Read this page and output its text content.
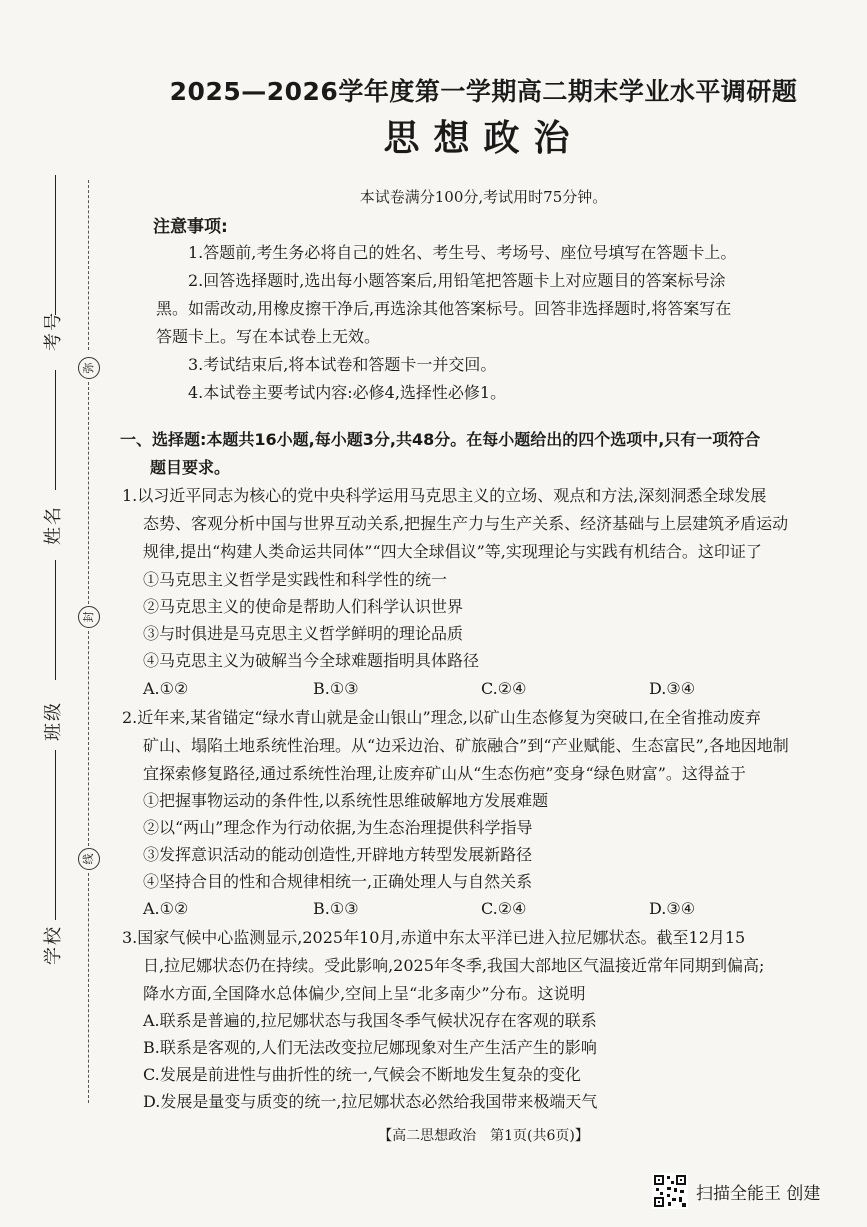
考号
姓名
班级
学校
弥
封
线
2025—2026学年度第一学期高二期末学业水平调研题
思想政治
本试卷满分100分,考试用时75分钟。
注意事项:
1.答题前,考生务必将自己的姓名、考生号、考场号、座位号填写在答题卡上。
2.回答选择题时,选出每小题答案后,用铅笔把答题卡上对应题目的答案标号涂
黑。如需改动,用橡皮擦干净后,再选涂其他答案标号。回答非选择题时,将答案写在
答题卡上。写在本试卷上无效。
3.考试结束后,将本试卷和答题卡一并交回。
4.本试卷主要考试内容:必修4,选择性必修1。
一、选择题:本题共16小题,每小题3分,共48分。在每小题给出的四个选项中,只有一项符合
题目要求。
1.以习近平同志为核心的党中央科学运用马克思主义的立场、观点和方法,深刻洞悉全球发展
态势、客观分析中国与世界互动关系,把握生产力与生产关系、经济基础与上层建筑矛盾运动
规律,提出“构建人类命运共同体”“四大全球倡议”等,实现理论与实践有机结合。这印证了
①马克思主义哲学是实践性和科学性的统一
②马克思主义的使命是帮助人们科学认识世界
③与时俱进是马克思主义哲学鲜明的理论品质
④马克思主义为破解当今全球难题指明具体路径
A.①②	B.①③	C.②④	D.③④
2.近年来,某省锚定“绿水青山就是金山银山”理念,以矿山生态修复为突破口,在全省推动废弃
矿山、塌陷土地系统性治理。从“边采边治、矿旅融合”到“产业赋能、生态富民”,各地因地制
宜探索修复路径,通过系统性治理,让废弃矿山从“生态伤疤”变身“绿色财富”。这得益于
①把握事物运动的条件性,以系统性思维破解地方发展难题
②以“两山”理念作为行动依据,为生态治理提供科学指导
③发挥意识活动的能动创造性,开辟地方转型发展新路径
④坚持合目的性和合规律相统一,正确处理人与自然关系
A.①②	B.①③	C.②④	D.③④
3.国家气候中心监测显示,2025年10月,赤道中东太平洋已进入拉尼娜状态。截至12月15
日,拉尼娜状态仍在持续。受此影响,2025年冬季,我国大部地区气温接近常年同期到偏高;
降水方面,全国降水总体偏少,空间上呈“北多南少”分布。这说明
A.联系是普遍的,拉尼娜状态与我国冬季气候状况存在客观的联系
B.联系是客观的,人们无法改变拉尼娜现象对生产生活产生的影响
C.发展是前进性与曲折性的统一,气候会不断地发生复杂的变化
D.发展是量变与质变的统一,拉尼娜状态必然给我国带来极端天气
【高二思想政治　第1页(共6页)】
扫描全能王 创建
